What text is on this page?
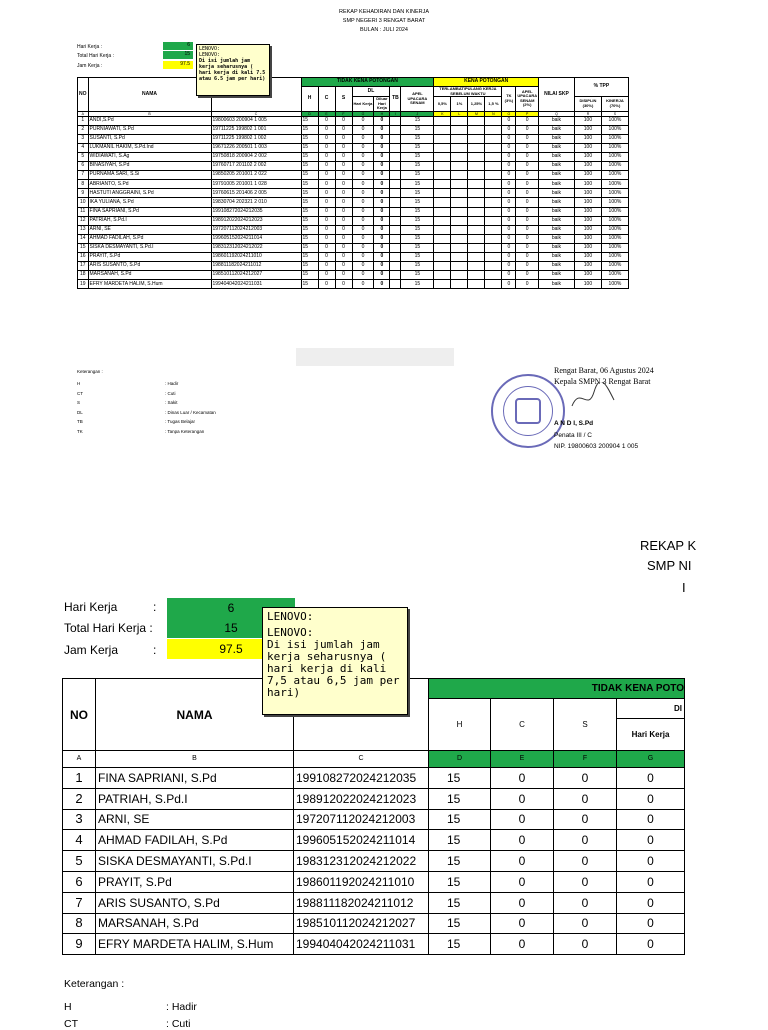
REKAP KEHADIRAN DAN KINERJA
SMP NEGERI 3 RENGAT BARAT
BULAN : JULI 2024
Hari Kerja :	6
Total Hari Kerja :	15
Jam Kerja :	97.5
LENOVO:
LENOVO:
Di isi jumlah jam kerja seharusnya ( hari kerja di kali 7.5 atau 6.5 jam per hari)
NO	NAMA		TIDAK KENA POTONGAN							KENA POTONGAN						NILAI SKP	% TPP	
			H	C	S	DL		TB	APEL UPACARA SENAM	TERLAMBAT/PULANG KERJA SEBELUM WAKTU				TK (3%)	APEL UPACARA SENAM (2%)			
						Hari Kerja	Diluar Hari Kerja			0,5%	1%	1,25%	1,5 %				DISIPLIN (30%)	KINERJA (70%)

A	B	C	D	E	F	G	H	I	J	K	L	M	N	O	P	Q	R	S
1	ANDI,S.Pd	19800603 200904 1 005	15	0	0	0	0		15					0	0	baik	100	100%
2	PURNIAWATI, S.Pd	19711225 199802 1 001	15	0	0	0	0		15					0	0	baik	100	100%
3	SUSANTI, S.Pd	19711225 199802 1 002	15	0	0	0	0		15					0	0	baik	100	100%
4	LUKMANIL HAKIM, S.Pd.Ind	19671226 200501 1 003	15	0	0	0	0		15					0	0	baik	100	100%
5	WIDIAWATI, S.Ag	19750818 200904 2 002	15	0	0	0	0		15					0	0	baik	100	100%
6	BINASIYAH, S.Pd	19760717 201102 2 002	15	0	0	0	0		15					0	0	baik	100	100%
7	PURNAMA SARI, S.Si	19850205 201001 2 022	15	0	0	0	0		15					0	0	baik	100	100%
8	ABRIANTO, S.Pd	19791005 201001 1 028	15	0	0	0	0		15					0	0	baik	100	100%
9	HASTUTI ANGGRAINI, S.Pd	19760615 201406 2 005	15	0	0	0	0		15					0	0	baik	100	100%
10	IKA YULIANA, S.Pd	19830704 202321 2 010	15	0	0	0	0		15					0	0	baik	100	100%
11	FINA SAPRIANI, S.Pd	199108272024212035	15	0	0	0	0		15					0	0	baik	100	100%
12	PATRIAH, S.Pd.I	198912022024212023	15	0	0	0	0		15					0	0	baik	100	100%
13	ARNI, SE	197207112024212003	15	0	0	0	0		15					0	0	baik	100	100%
14	AHMAD FADILAH, S.Pd	199605152024211014	15	0	0	0	0		15					0	0	baik	100	100%
15	SISKA DESMAYANTI, S.Pd.I	198312312024212022	15	0	0	0	0		15					0	0	baik	100	100%
16	PRAYIT, S.Pd	198601192024211010	15	0	0	0	0		15					0	0	baik	100	100%
17	ARIS SUSANTO, S.Pd	198811182024211012	15	0	0	0	0		15					0	0	baik	100	100%
18	MARSANAH, S.Pd	198510112024212027	15	0	0	0	0		15					0	0	baik	100	100%
19	EFRY MARDETA HALIM, S.Hum	199404042024211031	15	0	0	0	0		15					0	0	baik	100	100%
Keterangan :
H	: Hadir
CT	: Cuti
S	: Sakit
DL	: Dinas Luar / Kecamatan
TB	: Tugas Belajar
TK	: Tanpa Keterangan
Rengat Barat, 06 Agustus 2024
Kepala SMPN 3 Rengat Barat
A N D I, S.Pd
Penata III / C
NIP. 19800603 200904 1 005
REKAP K
SMP NI
I
Hari Kerja	:	6
Total Hari Kerja :	15
Jam Kerja	:	97.5
LENOVO:
LENOVO:
Di isi jumlah jam kerja seharusnya ( hari kerja di kali 7,5 atau 6,5 jam per hari)
NO	NAMA		TIDAK KENA POTO			
			H	C	S	DI
						Hari Kerja
A	B	C	D	E	F	G
1	FINA SAPRIANI, S.Pd	199108272024212035	15	0	0	0
2	PATRIAH, S.Pd.I	198912022024212023	15	0	0	0
3	ARNI, SE	197207112024212003	15	0	0	0
4	AHMAD FADILAH, S.Pd	199605152024211014	15	0	0	0
5	SISKA DESMAYANTI, S.Pd.I	198312312024212022	15	0	0	0
6	PRAYIT, S.Pd	198601192024211010	15	0	0	0
7	ARIS SUSANTO, S.Pd	198811182024211012	15	0	0	0
8	MARSANAH, S.Pd	198510112024212027	15	0	0	0
9	EFRY MARDETA HALIM, S.Hum	199404042024211031	15	0	0	0
Keterangan :
H	: Hadir
CT	: Cuti
